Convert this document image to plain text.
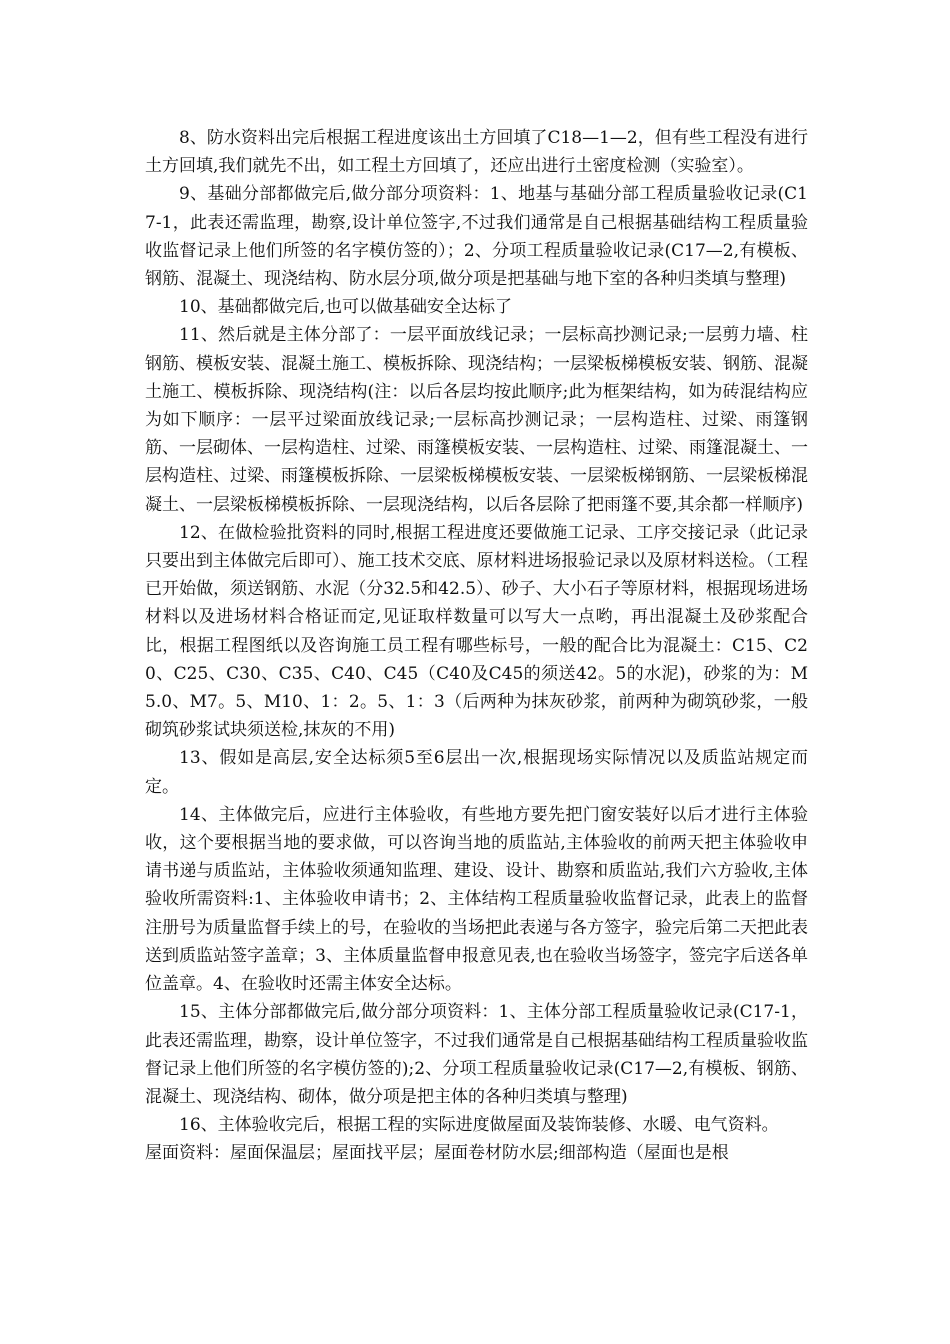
8、防水资料出完后根据工程进度该出土方回填了C18—1—2，但有些工程没有进行土方回填,我们就先不出，如工程土方回填了，还应出进行土密度检测（实验室）。

9、基础分部都做完后,做分部分项资料：1、地基与基础分部工程质量验收记录(C17-1，此表还需监理，勘察,设计单位签字,不过我们通常是自己根据基础结构工程质量验收监督记录上他们所签的名字模仿签的）；2、分项工程质量验收记录(C17—2,有模板、钢筋、混凝土、现浇结构、防水层分项,做分项是把基础与地下室的各种归类填与整理)

10、基础都做完后,也可以做基础安全达标了

11、然后就是主体分部了：一层平面放线记录；一层标高抄测记录;一层剪力墙、柱钢筋、模板安装、混凝土施工、模板拆除、现浇结构；一层梁板梯模板安装、钢筋、混凝土施工、模板拆除、现浇结构(注：以后各层均按此顺序;此为框架结构，如为砖混结构应为如下顺序：一层平过梁面放线记录;一层标高抄测记录；一层构造柱、过梁、雨篷钢筋、一层砌体、一层构造柱、过梁、雨篷模板安装、一层构造柱、过梁、雨篷混凝土、一层构造柱、过梁、雨篷模板拆除、一层梁板梯模板安装、一层梁板梯钢筋、一层梁板梯混凝土、一层梁板梯模板拆除、一层现浇结构，以后各层除了把雨篷不要,其余都一样顺序)

12、在做检验批资料的同时,根据工程进度还要做施工记录、工序交接记录（此记录只要出到主体做完后即可）、施工技术交底、原材料进场报验记录以及原材料送检。（工程已开始做，须送钢筋、水泥（分32.5和42.5）、砂子、大小石子等原材料，根据现场进场材料以及进场材料合格证而定,见证取样数量可以写大一点哟，再出混凝土及砂浆配合比，根据工程图纸以及咨询施工员工程有哪些标号，一般的配合比为混凝土：C15、C20、C25、C30、C35、C40、C45（C40及C45的须送42。5的水泥)，砂浆的为：M5.0、M7。5、M10、1：2。5、1：3（后两种为抹灰砂浆，前两种为砌筑砂浆，一般砌筑砂浆试块须送检,抹灰的不用)

13、假如是高层,安全达标须5至6层出一次,根据现场实际情况以及质监站规定而定。

14、主体做完后，应进行主体验收，有些地方要先把门窗安装好以后才进行主体验收，这个要根据当地的要求做，可以咨询当地的质监站,主体验收的前两天把主体验收申请书递与质监站，主体验收须通知监理、建设、设计、勘察和质监站,我们六方验收,主体验收所需资料:1、主体验收申请书；2、主体结构工程质量验收监督记录，此表上的监督注册号为质量监督手续上的号，在验收的当场把此表递与各方签字，验完后第二天把此表送到质监站签字盖章；3、主体质量监督申报意见表,也在验收当场签字，签完字后送各单位盖章。4、在验收时还需主体安全达标。

15、主体分部都做完后,做分部分项资料：1、主体分部工程质量验收记录(C17-1，此表还需监理，勘察，设计单位签字，不过我们通常是自己根据基础结构工程质量验收监督记录上他们所签的名字模仿签的);2、分项工程质量验收记录(C17—2,有模板、钢筋、混凝土、现浇结构、砌体，做分项是把主体的各种归类填与整理)

16、主体验收完后，根据工程的实际进度做屋面及装饰装修、水暖、电气资料。

屋面资料：屋面保温层；屋面找平层；屋面卷材防水层;细部构造（屋面也是根
